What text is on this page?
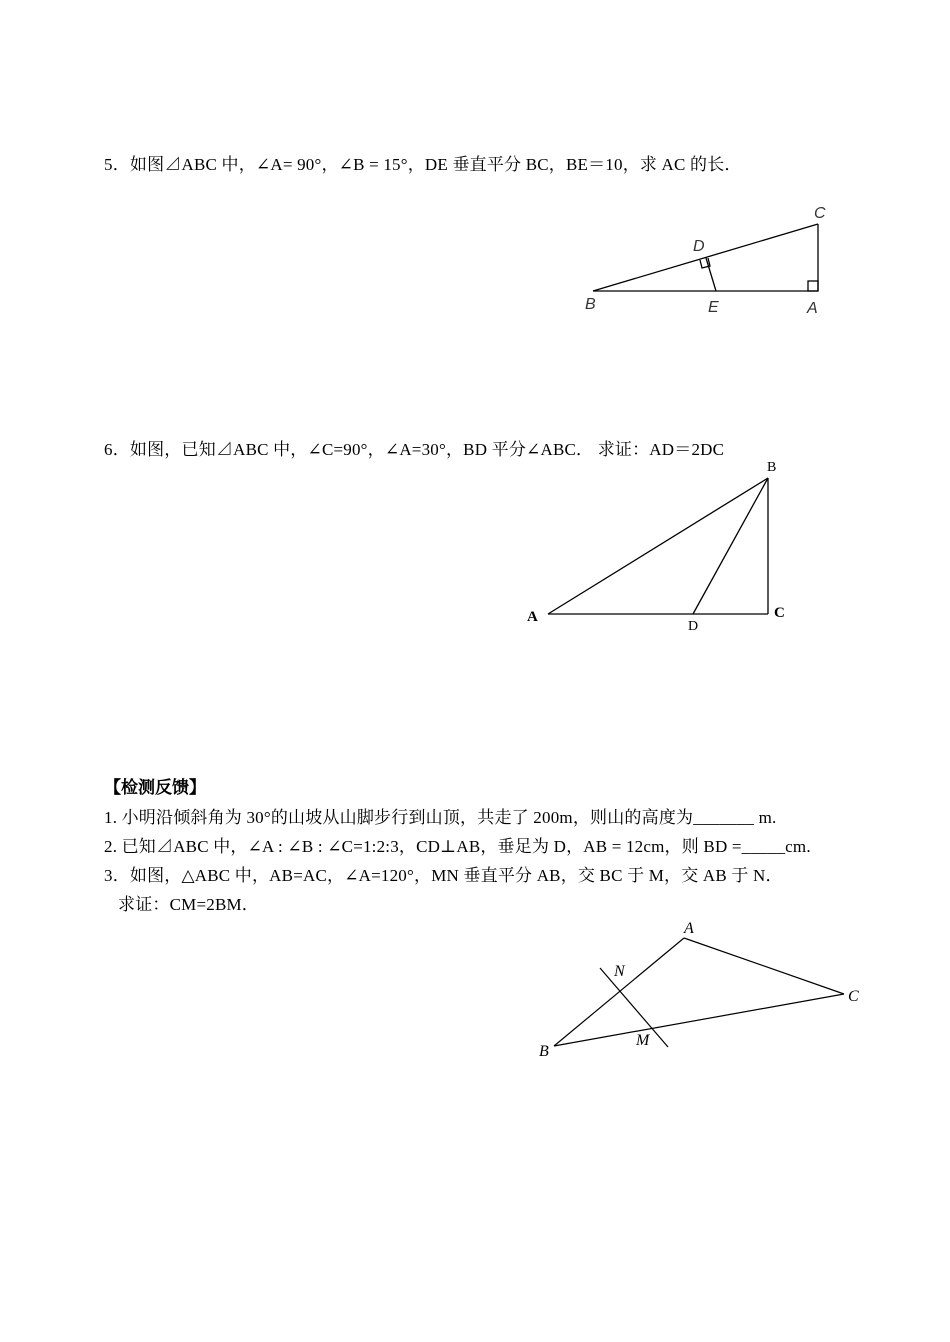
5．如图⊿ABC 中，∠A= 90°，∠B = 15°，DE 垂直平分 BC，BE＝10，求 AC 的长．
B	E	A
C
D
B
A	C
D
A
B
C
N
M
6．如图，已知⊿ABC 中，∠C=90°，∠A=30°，BD 平分∠ABC． 求证：AD＝2DC
【检测反馈】
1. 小明沿倾斜角为 30°的山坡从山脚步行到山顶，共走了 200m，则山的高度为_______ m.
2. 已知⊿ABC 中，∠A : ∠B : ∠C=1:2:3，CD⊥AB，垂足为 D，AB = 12cm，则 BD =_____cm.
3．如图，△ABC 中，AB=AC，∠A=120°，MN 垂直平分 AB，交 BC 于 M，交 AB 于 N．
求证：CM=2BM．
